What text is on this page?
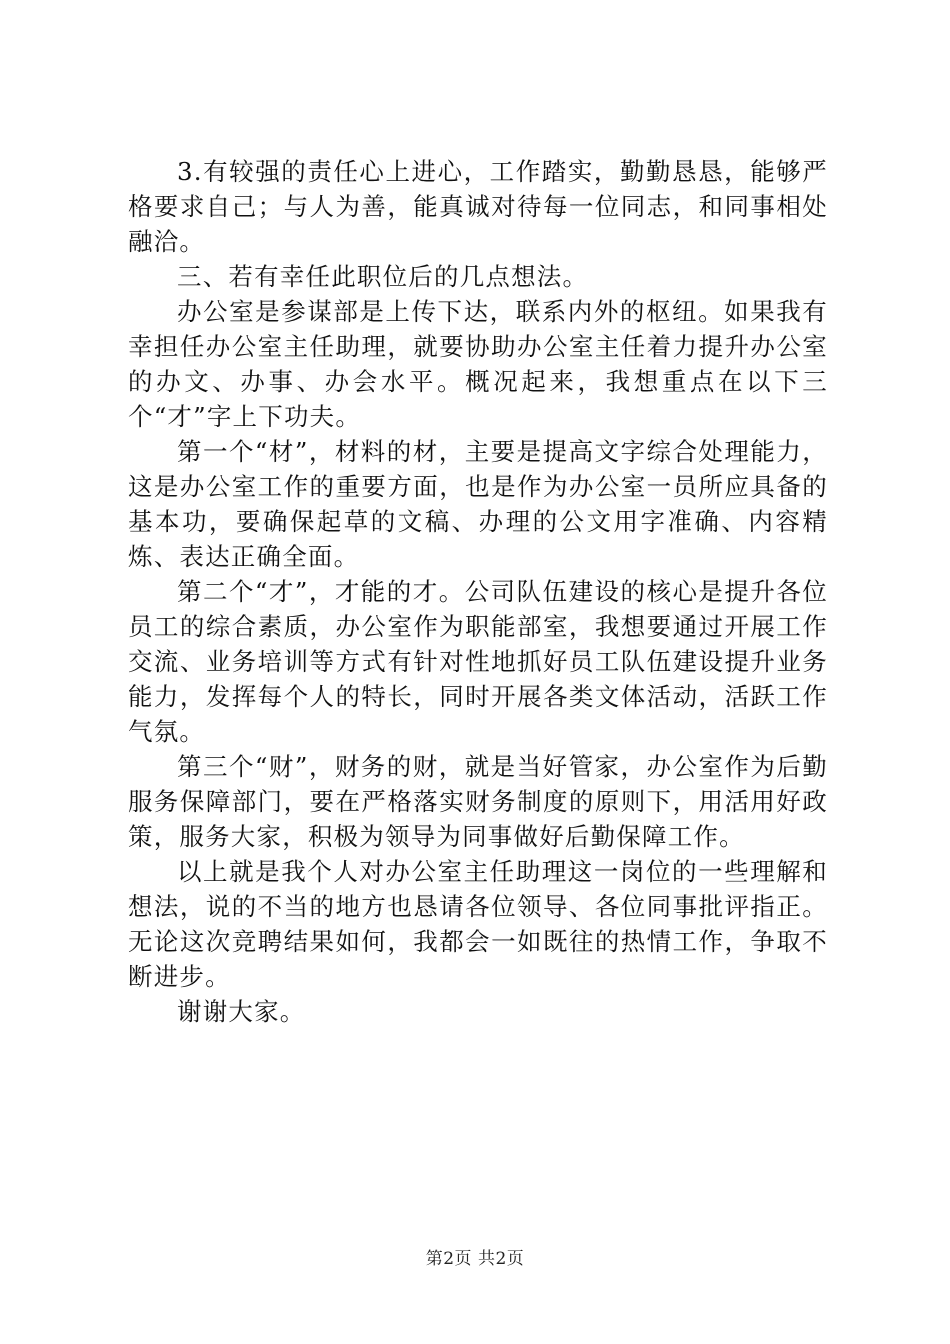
3.有较强的责任心上进心，工作踏实，勤勤恳恳，能够严格要求自己；与人为善，能真诚对待每一位同志，和同事相处融洽。

三、若有幸任此职位后的几点想法。

办公室是参谋部是上传下达，联系内外的枢纽。如果我有幸担任办公室主任助理，就要协助办公室主任着力提升办公室的办文、办事、办会水平。概况起来，我想重点在以下三个“才”字上下功夫。

第一个“材”，材料的材，主要是提高文字综合处理能力，这是办公室工作的重要方面，也是作为办公室一员所应具备的基本功，要确保起草的文稿、办理的公文用字准确、内容精炼、表达正确全面。

第二个“才”，才能的才。公司队伍建设的核心是提升各位员工的综合素质，办公室作为职能部室，我想要通过开展工作交流、业务培训等方式有针对性地抓好员工队伍建设提升业务能力，发挥每个人的特长，同时开展各类文体活动，活跃工作气氛。

第三个“财”，财务的财，就是当好管家，办公室作为后勤服务保障部门，要在严格落实财务制度的原则下，用活用好政策，服务大家，积极为领导为同事做好后勤保障工作。

以上就是我个人对办公室主任助理这一岗位的一些理解和想法，说的不当的地方也恳请各位领导、各位同事批评指正。无论这次竞聘结果如何，我都会一如既往的热情工作，争取不断进步。

谢谢大家。

第2页 共2页
